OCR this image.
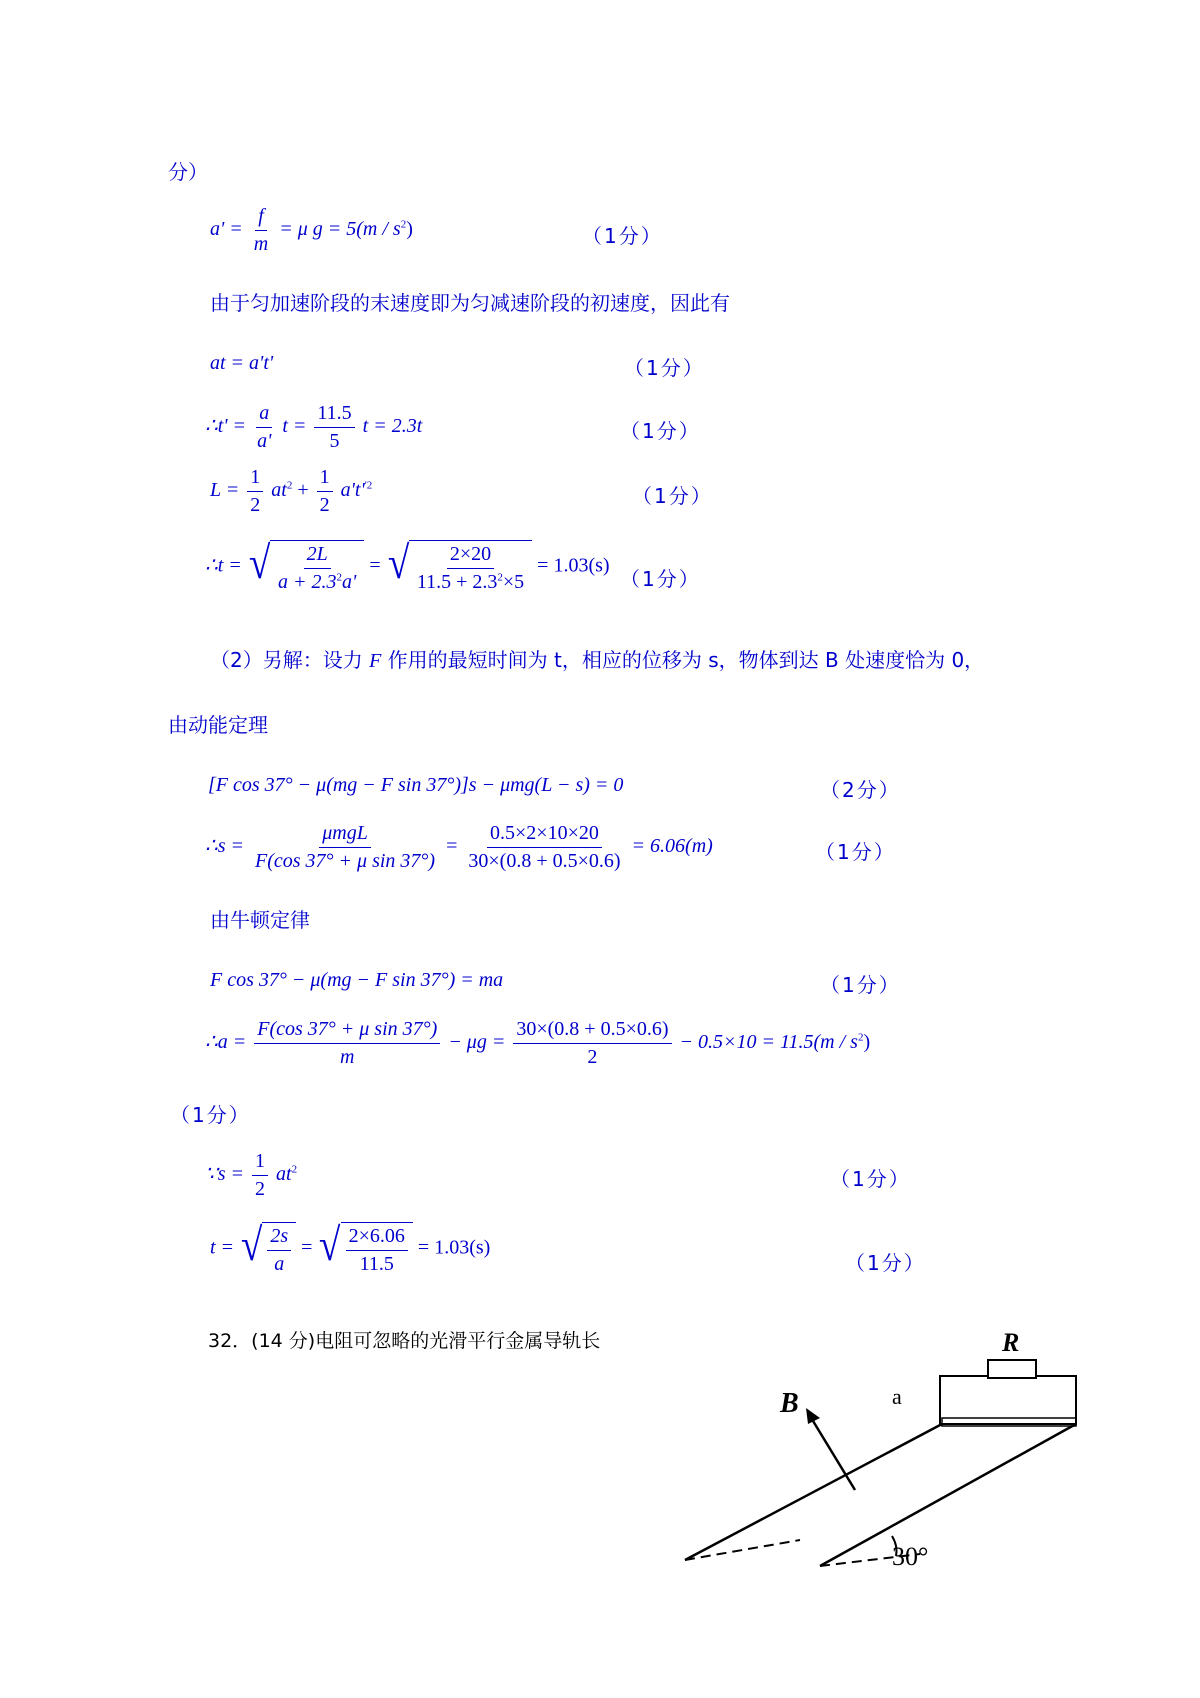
分）
$a' = \frac{f}{m} = \mu$ $g = 5(m / s^2)$	（1分）
由于匀加速阶段的末速度即为匀减速阶段的初速度，因此有
at = a't'	（1分）
∴t' = $\frac{a}{a'}$ $t = \frac{11.5}{5}$ t = 2.3t	（1分）
$L = \frac{1}{2} at^2 + \frac{1}{2} a't'^{'2}$	（1分）
∴t = √ $\frac{2L}{a + 2.3^2a'}$ = √ $\frac{2\times 20}{11.5 + 2.3^2\times 5} = 1.03(s)$
（1分）
（2）另解：设力 F 作用的最短时间为 t，相应的位移为 s，物体到达 B 处速度恰为 0，
由动能定理
[F cos 37° − μ(mg − F sin 37°)]s − μmg(L − s) = 0	（2分）
∴s = $\frac{\text{μmgL}}{\text{F(cos 37° + μ sin 37°)}} = \frac{0.5\times 2\times 10\times 20}{30\times(0.8 + 0.5\times 0.6)} = 6.06(m)$	（1分）
由牛顿定律
F cos 37° − μ(mg − F sin 37°) = ma	（1分）
∴a = $\frac{\text{F(cos 37° + μ sin 37°)}}{m} - \mu g = \frac{30\times(0.8 + 0.5\times 0.6)}{2} - 0.5\times 10 = 11.5(m / s^2)$
（1分）
∵s = $\frac{1}{2} at^2$	（1分）
t = √ $\frac{2s}{a}$ = √ $\frac{2\times 6.06}{11.5} = 1.03(s)$
（1分）
32．(14 分)电阻可忽略的光滑平行金属导轨长	R
B	a
30°
